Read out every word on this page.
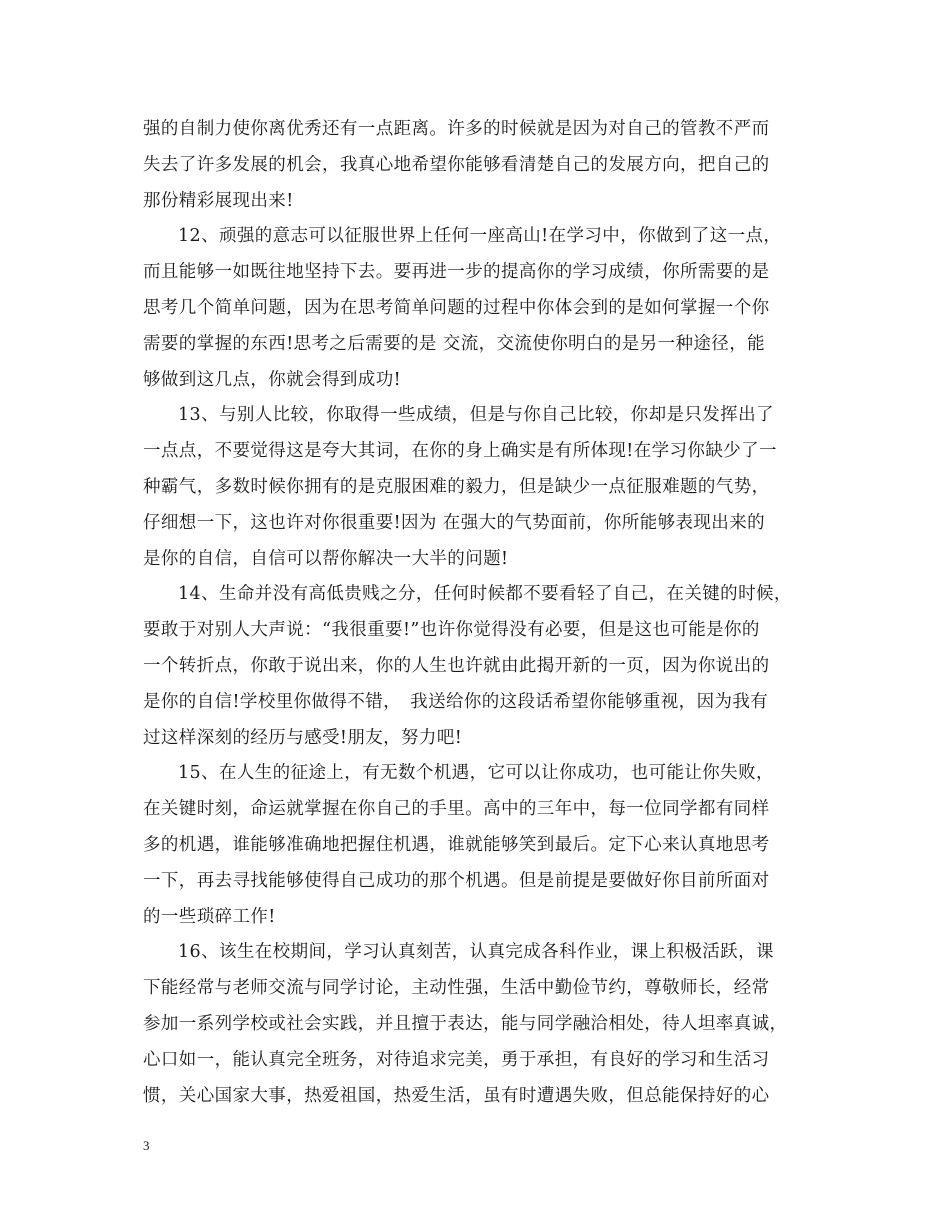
强的自制力使你离优秀还有一点距离。许多的时候就是因为对自己的管教不严而
失去了许多发展的机会，我真心地希望你能够看清楚自己的发展方向，把自己的
那份精彩展现出来!
12、顽强的意志可以征服世界上任何一座高山!在学习中，你做到了这一点，
而且能够一如既往地坚持下去。要再进一步的提高你的学习成绩，你所需要的是
思考几个简单问题，因为在思考简单问题的过程中你体会到的是如何掌握一个你
需要的掌握的东西!思考之后需要的是 交流，交流使你明白的是另一种途径，能
够做到这几点，你就会得到成功!
13、与别人比较，你取得一些成绩，但是与你自己比较，你却是只发挥出了
一点点，不要觉得这是夸大其词，在你的身上确实是有所体现!在学习你缺少了一
种霸气，多数时候你拥有的是克服困难的毅力，但是缺少一点征服难题的气势，
仔细想一下，这也许对你很重要!因为 在强大的气势面前，你所能够表现出来的
是你的自信，自信可以帮你解决一大半的问题!
14、生命并没有高低贵贱之分，任何时候都不要看轻了自己，在关键的时候，
要敢于对别人大声说：“我很重要!”也许你觉得没有必要，但是这也可能是你的
一个转折点，你敢于说出来，你的人生也许就由此揭开新的一页，因为你说出的
是你的自信!学校里你做得不错，　我送给你的这段话希望你能够重视，因为我有
过这样深刻的经历与感受!朋友，努力吧!
15、在人生的征途上，有无数个机遇，它可以让你成功，也可能让你失败，
在关键时刻，命运就掌握在你自己的手里。高中的三年中，每一位同学都有同样
多的机遇，谁能够准确地把握住机遇，谁就能够笑到最后。定下心来认真地思考
一下，再去寻找能够使得自己成功的那个机遇。但是前提是要做好你目前所面对
的一些琐碎工作!
16、该生在校期间，学习认真刻苦，认真完成各科作业，课上积极活跃，课
下能经常与老师交流与同学讨论，主动性强，生活中勤俭节约，尊敬师长，经常
参加一系列学校或社会实践，并且擅于表达，能与同学融洽相处，待人坦率真诚，
心口如一，能认真完全班务，对待追求完美，勇于承担，有良好的学习和生活习
惯，关心国家大事，热爱祖国，热爱生活，虽有时遭遇失败，但总能保持好的心
3
